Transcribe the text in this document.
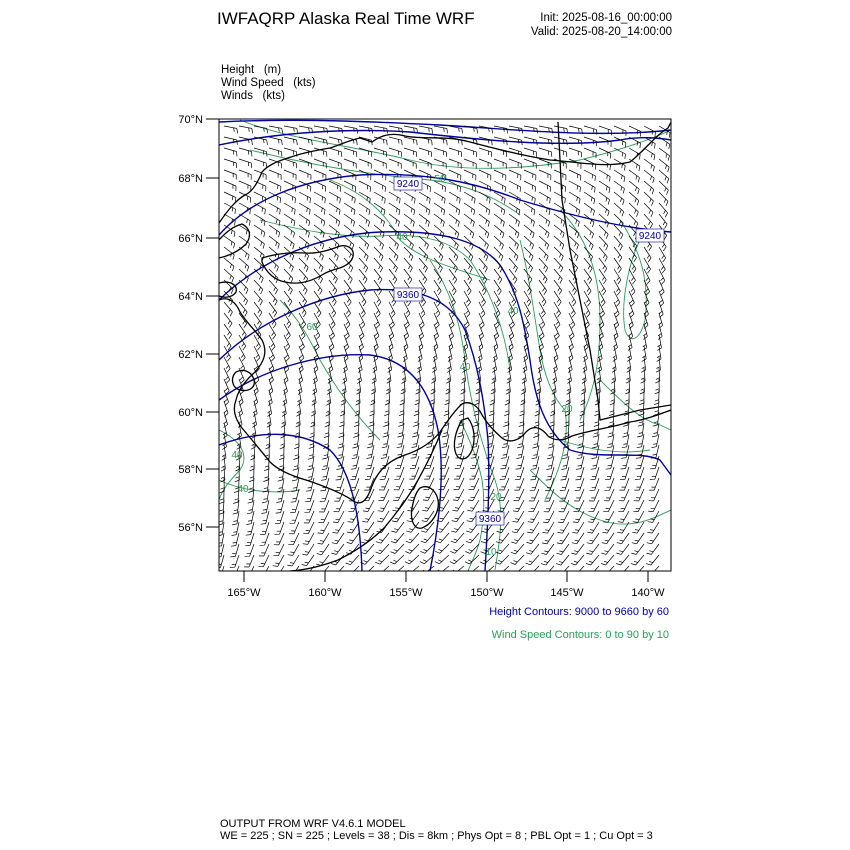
IWFAQRP Alaska Real Time WRF	Init: 2025-08-16_00:00:00
Valid: 2025-08-20_14:00:00
Height (m)
Wind Speed (kts)
Winds (kts)
70°N
68°N
66°N
64°N
62°N
60°N
58°N
56°N
165°W	160°W	155°W	150°W	145°W	140°W
9240
9360
9360
9240
50
40
60
40
40
40
20
40
20
10
Height Contours: 9000 to 9660 by 60
Wind Speed Contours: 0 to 90 by 10
OUTPUT FROM WRF V4.6.1 MODEL
WE = 225 ; SN = 225 ; Levels = 38 ; Dis = 8km ; Phys Opt = 8 ; PBL Opt = 1 ; Cu Opt = 3
